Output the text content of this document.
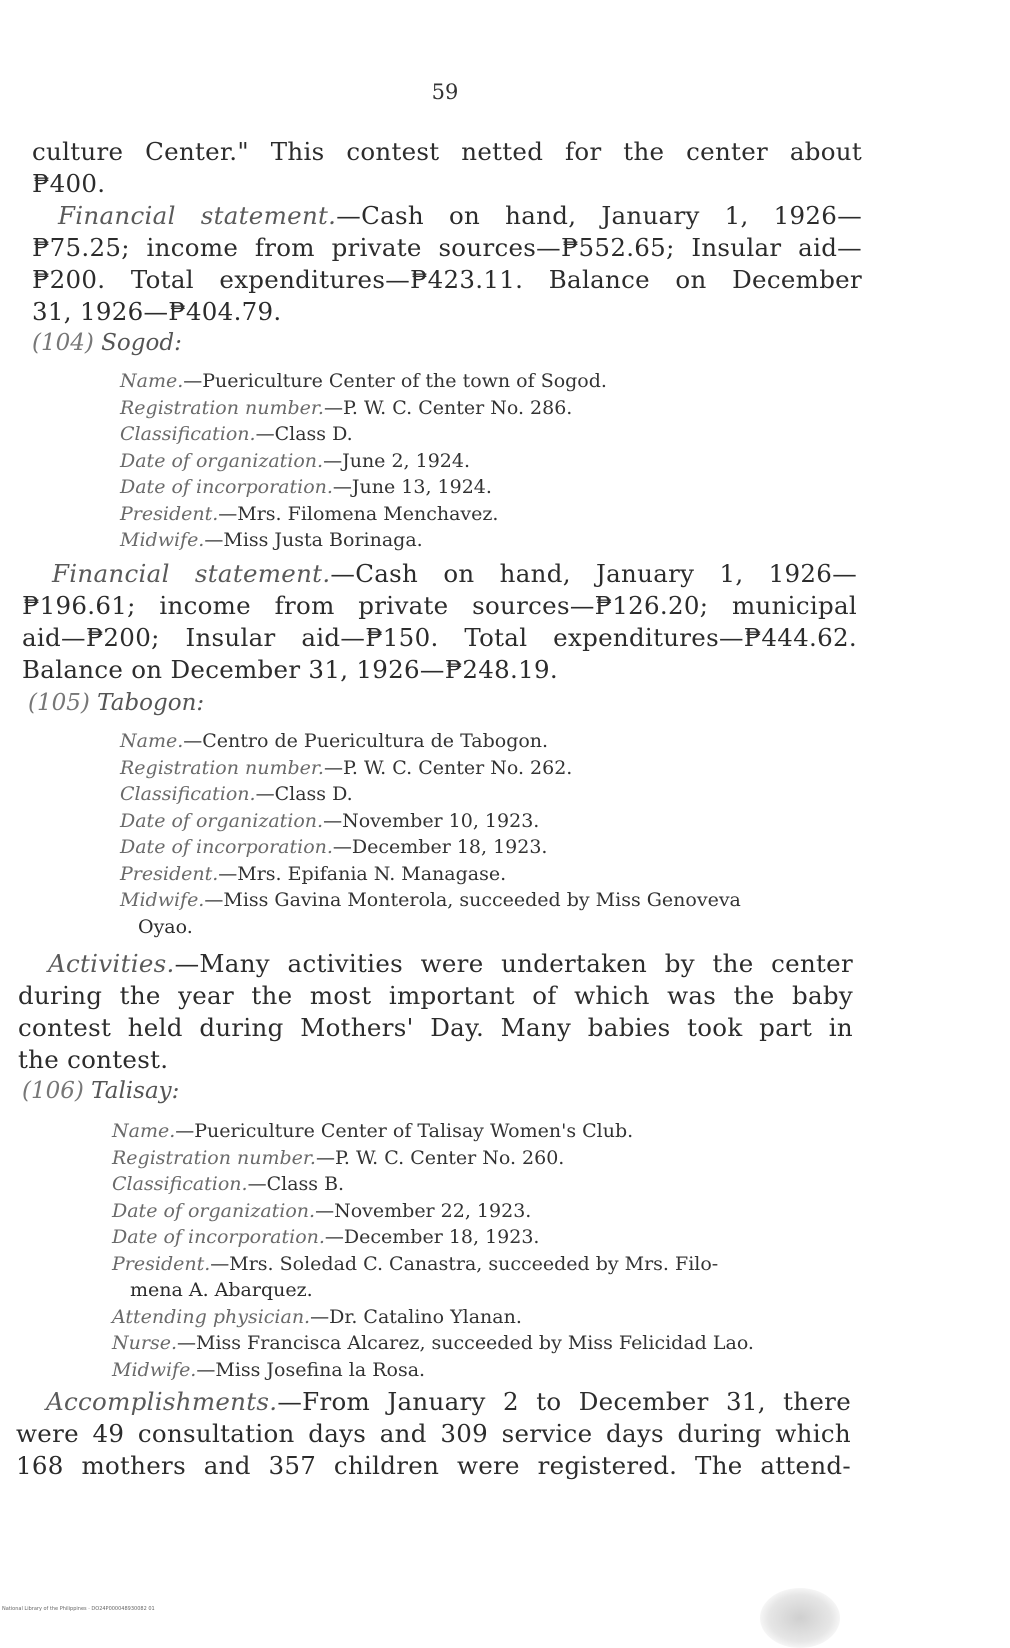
59
culture Center." This contest netted for the center about
₱400.
Financial statement.—Cash on hand, January 1, 1926—
₱75.25; income from private sources—₱552.65; Insular aid—
₱200. Total expenditures—₱423.11. Balance on December
31, 1926—₱404.79.
(104) Sogod:
Name.—Puericulture Center of the town of Sogod.
Registration number.—P. W. C. Center No. 286.
Classification.—Class D.
Date of organization.—June 2, 1924.
Date of incorporation.—June 13, 1924.
President.—Mrs. Filomena Menchavez.
Midwife.—Miss Justa Borinaga.
Financial statement.—Cash on hand, January 1, 1926—
₱196.61; income from private sources—₱126.20; municipal
aid—₱200; Insular aid—₱150. Total expenditures—₱444.62.
Balance on December 31, 1926—₱248.19.
(105) Tabogon:
Name.—Centro de Puericultura de Tabogon.
Registration number.—P. W. C. Center No. 262.
Classification.—Class D.
Date of organization.—November 10, 1923.
Date of incorporation.—December 18, 1923.
President.—Mrs. Epifania N. Managase.
Midwife.—Miss Gavina Monterola, succeeded by Miss Genoveva
Oyao.
Activities.—Many activities were undertaken by the center
during the year the most important of which was the baby
contest held during Mothers' Day. Many babies took part in
the contest.
(106) Talisay:
Name.—Puericulture Center of Talisay Women's Club.
Registration number.—P. W. C. Center No. 260.
Classification.—Class B.
Date of organization.—November 22, 1923.
Date of incorporation.—December 18, 1923.
President.—Mrs. Soledad C. Canastra, succeeded by Mrs. Filo-
mena A. Abarquez.
Attending physician.—Dr. Catalino Ylanan.
Nurse.—Miss Francisca Alcarez, succeeded by Miss Felicidad Lao.
Midwife.—Miss Josefina la Rosa.
Accomplishments.—From January 2 to December 31, there
were 49 consultation days and 309 service days during which
168 mothers and 357 children were registered. The attend-
National Library of the Philippines · DO24P000048930082 01
